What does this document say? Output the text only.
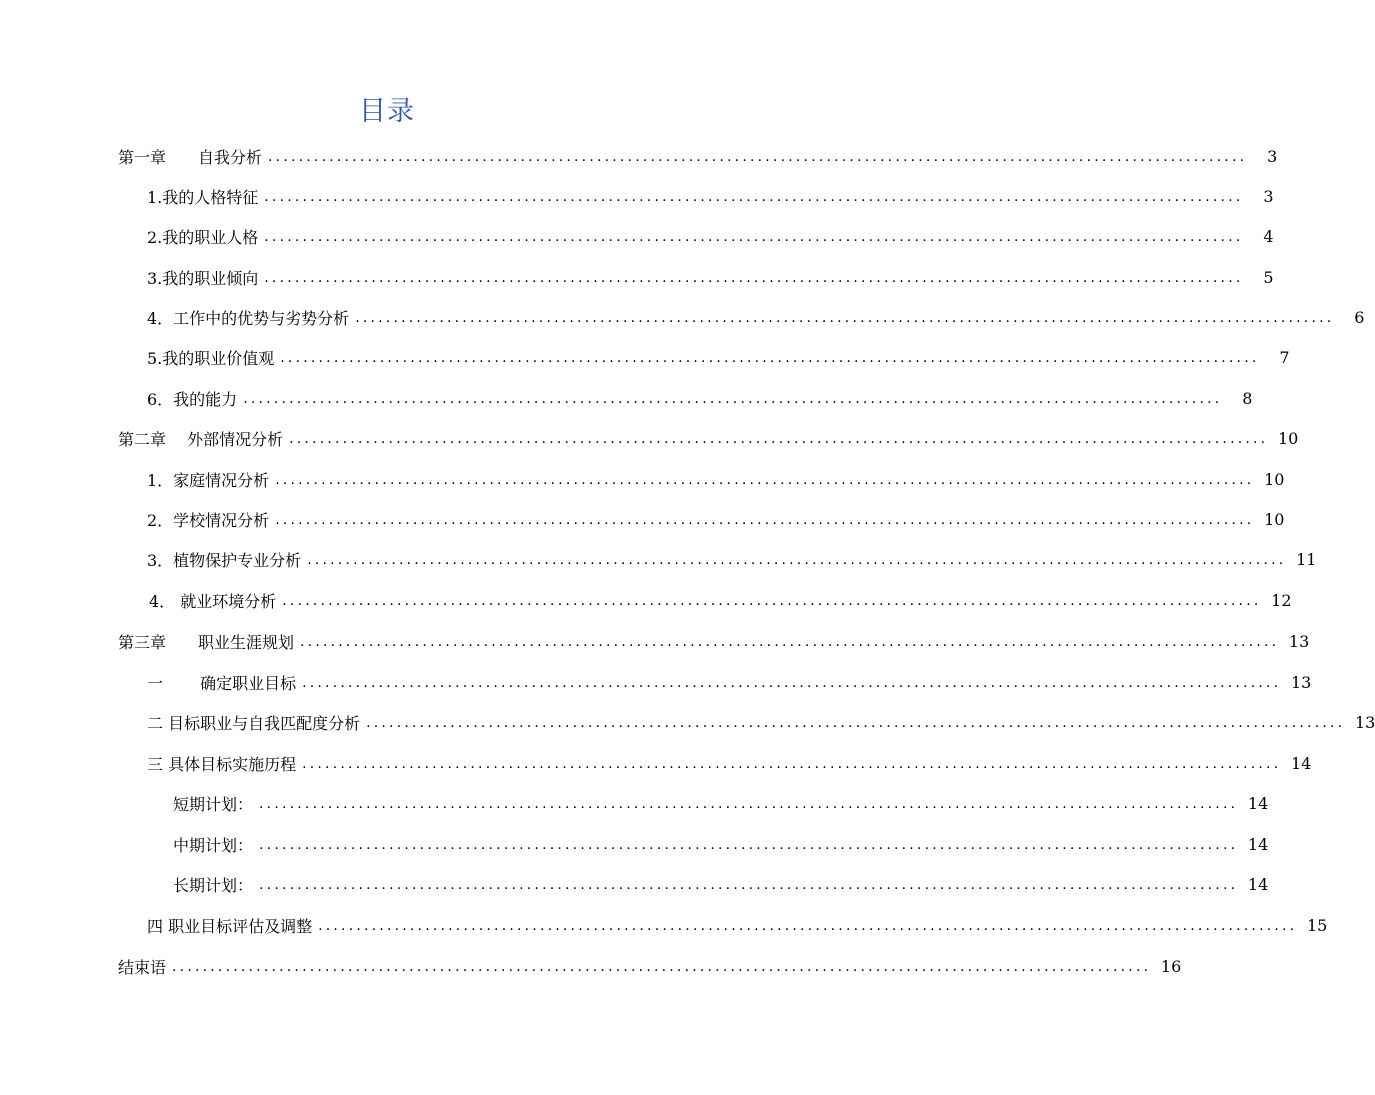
目录
第一章　　自我分析 ................................................................................................................................	3
1.我的人格特征 ................................................................................................................................	3
2.我的职业人格 ................................................................................................................................	4
3.我的职业倾向 ................................................................................................................................	5
4．工作中的优势与劣势分析 ................................................................................................................................	6
5.我的职业价值观 ................................................................................................................................	7
6．我的能力 ................................................................................................................................	8
第二章　 外部情况分析 ................................................................................................................................ 10
1．家庭情况分析 ................................................................................................................................ 10
2．学校情况分析 ................................................................................................................................ 10
3．植物保护专业分析 ................................................................................................................................ 11
4． 就业环境分析 ................................................................................................................................ 12
第三章　　职业生涯规划 ................................................................................................................................ 13
一　　 确定职业目标 ................................................................................................................................ 13
二 目标职业与自我匹配度分析 ................................................................................................................................ 13
三 具体目标实施历程 ................................................................................................................................ 14
短期计划： ................................................................................................................................ 14
中期计划： ................................................................................................................................ 14
长期计划： ................................................................................................................................ 14
四 职业目标评估及调整 ................................................................................................................................ 15
结束语 ................................................................................................................................ 16
